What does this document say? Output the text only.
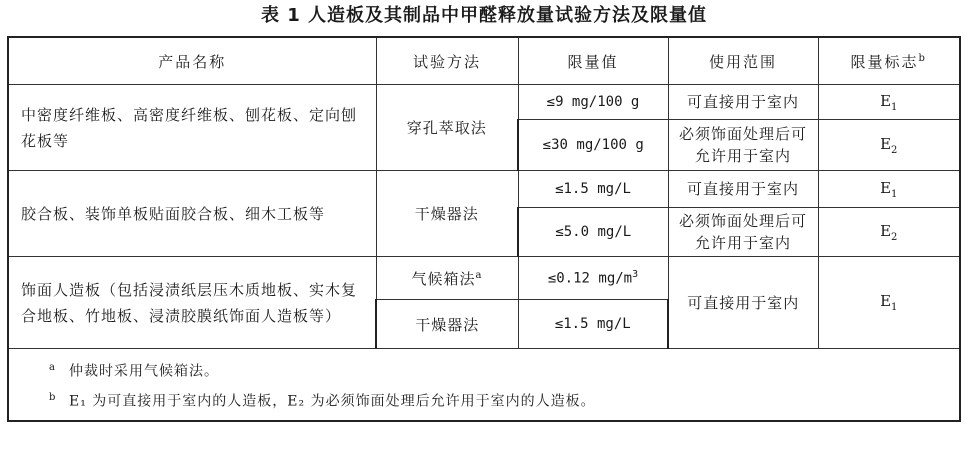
表 1 人造板及其制品中甲醛释放量试验方法及限量值
产品名称	试验方法	限量值	使用范围	限量标志$^b$
中密度纤维板、高密度纤维板、刨花板、定向刨花板等	穿孔萃取法	≤9 mg/100 g	可直接用于室内	$E_1$
		≤30 mg/100 g	必须饰面处理后可允许用于室内	$E_2$
胶合板、装饰单板贴面胶合板、细木工板等	干燥器法	≤1.5 mg/L	可直接用于室内	$E_1$
		≤5.0 mg/L	必须饰面处理后可允许用于室内	$E_2$
饰面人造板（包括浸渍纸层压木质地板、实木复合地板、竹地板、浸渍胶膜纸饰面人造板等）	气候箱法$^a$	≤0.12 $mg/m^3$	可直接用于室内	$E_1$
	干燥器法	≤1.5 mg/L		

a 仲裁时采用气候箱法。
b E₁ 为可直接用于室内的人造板，E₂ 为必须饰面处理后允许用于室内的人造板。				
